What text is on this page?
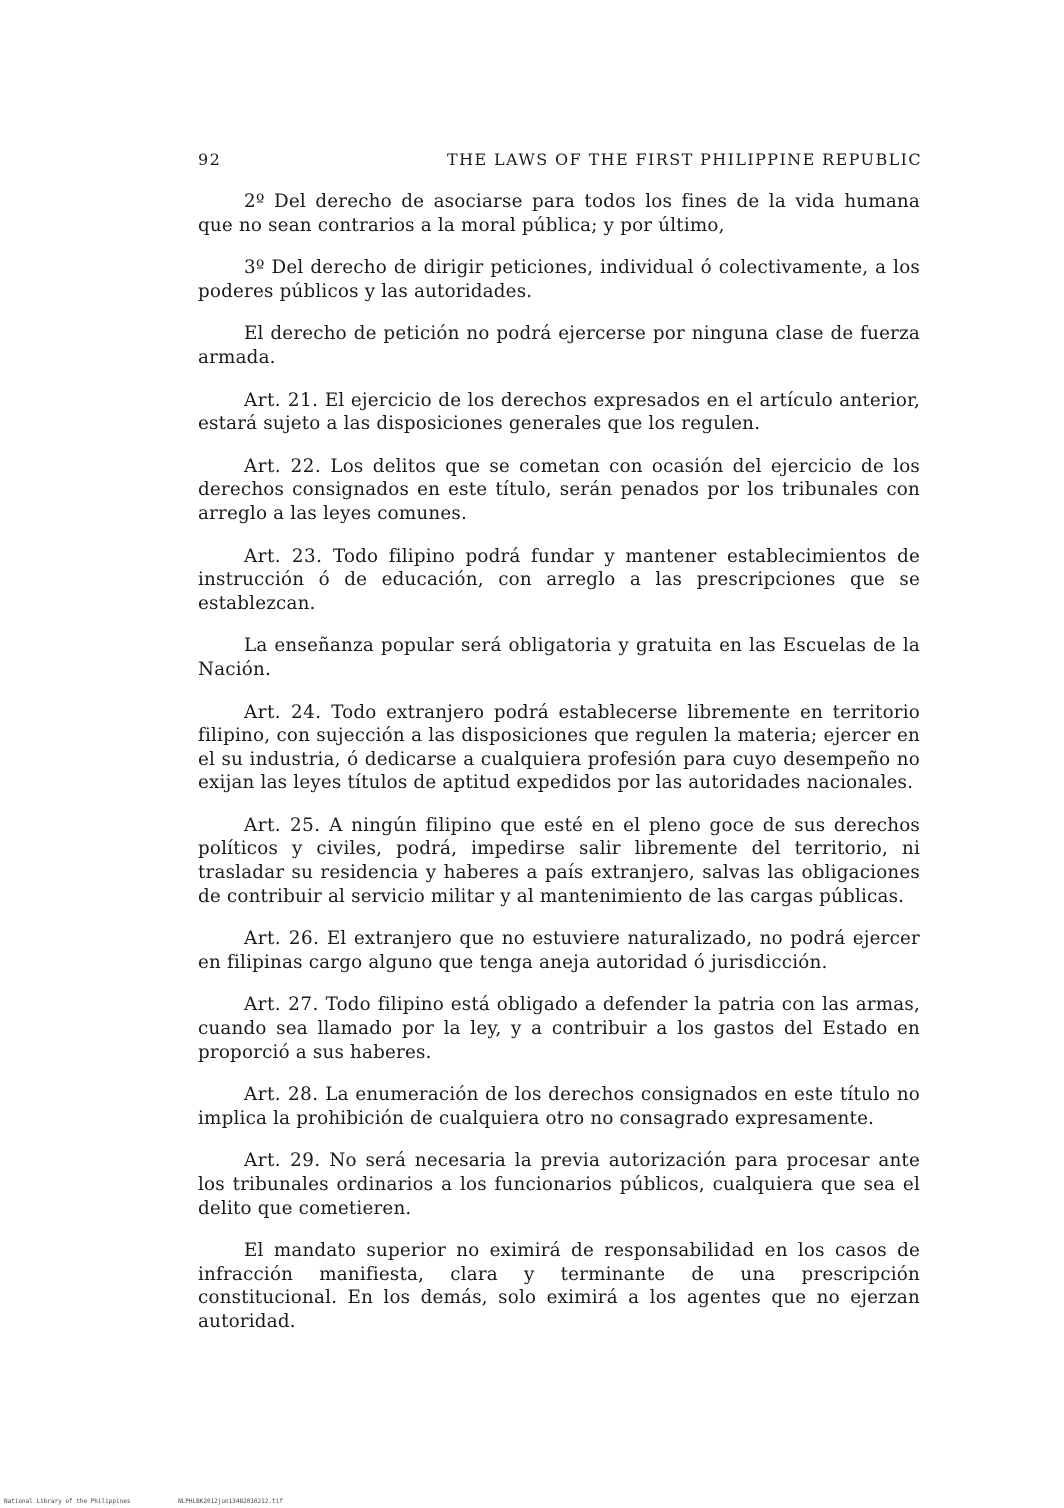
92	THE LAWS OF THE FIRST PHILIPPINE REPUBLIC

2º Del derecho de asociarse para todos los fines de la vida humana que no sean contrarios a la moral pública; y por último,

3º Del derecho de dirigir peticiones, individual ó colectivamente, a los poderes públicos y las autoridades.

El derecho de petición no podrá ejercerse por ninguna clase de fuerza armada.

Art. 21. El ejercicio de los derechos expresados en el artículo anterior, estará sujeto a las disposiciones generales que los regulen.

Art. 22. Los delitos que se cometan con ocasión del ejercicio de los derechos consignados en este título, serán penados por los tribunales con arreglo a las leyes comunes.

Art. 23. Todo filipino podrá fundar y mantener establecimientos de instrucción ó de educación, con arreglo a las prescripciones que se establezcan.

La enseñanza popular será obligatoria y gratuita en las Escuelas de la Nación.

Art. 24. Todo extranjero podrá establecerse libremente en territorio filipino, con sujección a las disposiciones que regulen la materia; ejercer en el su industria, ó dedicarse a cualquiera profesión para cuyo desempeño no exijan las leyes títulos de aptitud expedidos por las autoridades nacionales.

Art. 25. A ningún filipino que esté en el pleno goce de sus derechos políticos y civiles, podrá, impedirse salir libremente del territorio, ni trasladar su residencia y haberes a país extranjero, salvas las obligaciones de contribuir al servicio militar y al mantenimiento de las cargas públicas.

Art. 26. El extranjero que no estuviere naturalizado, no podrá ejercer en filipinas cargo alguno que tenga aneja autoridad ó jurisdicción.

Art. 27. Todo filipino está obligado a defender la patria con las armas, cuando sea llamado por la ley, y a contribuir a los gastos del Estado en proporció a sus haberes.

Art. 28. La enumeración de los derechos consignados en este título no implica la prohibición de cualquiera otro no consagrado expresamente.

Art. 29. No será necesaria la previa autorización para procesar ante los tribunales ordinarios a los funcionarios públicos, cualquiera que sea el delito que cometieren.

El mandato superior no eximirá de responsabilidad en los casos de infracción manifiesta, clara y terminante de una prescripción constitucional. En los demás, solo eximirá a los agentes que no ejerzan autoridad.

National Library of the Philippines	NLPHLBK2012jun13482010212.tif
